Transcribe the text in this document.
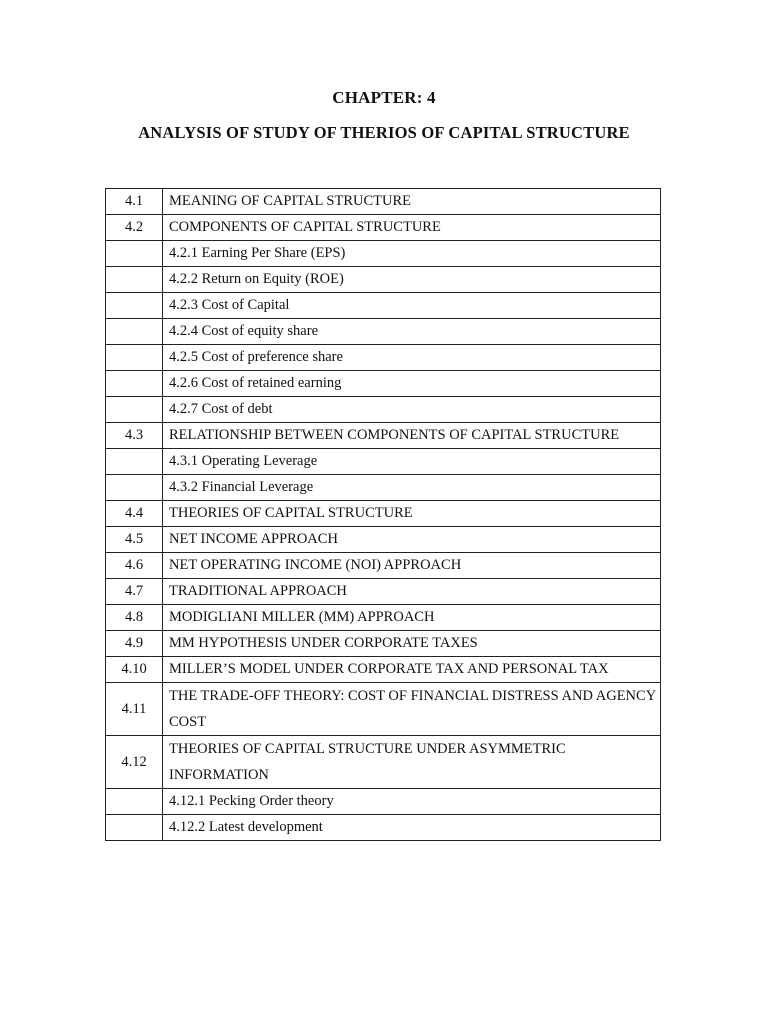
CHAPTER: 4
ANALYSIS OF STUDY OF THERIOS OF CAPITAL STRUCTURE
4.1	MEANING OF CAPITAL STRUCTURE
4.2	COMPONENTS OF CAPITAL STRUCTURE
	4.2.1 Earning Per Share (EPS)
	4.2.2 Return on Equity (ROE)
	4.2.3 Cost of Capital
	4.2.4 Cost of equity share
	4.2.5 Cost of preference share
	4.2.6 Cost of retained earning
	4.2.7 Cost of debt
4.3	RELATIONSHIP BETWEEN COMPONENTS OF CAPITAL STRUCTURE
	4.3.1 Operating Leverage
	4.3.2 Financial Leverage
4.4	THEORIES OF CAPITAL STRUCTURE
4.5	NET INCOME APPROACH
4.6	NET OPERATING INCOME (NOI) APPROACH
4.7	TRADITIONAL APPROACH
4.8	MODIGLIANI MILLER (MM) APPROACH
4.9	MM HYPOTHESIS UNDER CORPORATE TAXES
4.10	MILLER’S MODEL UNDER CORPORATE TAX AND PERSONAL TAX
4.11	THE TRADE-OFF THEORY: COST OF FINANCIAL DISTRESS AND AGENCY COST
4.12	THEORIES OF CAPITAL STRUCTURE UNDER ASYMMETRIC INFORMATION
	4.12.1 Pecking Order theory
	4.12.2 Latest development
